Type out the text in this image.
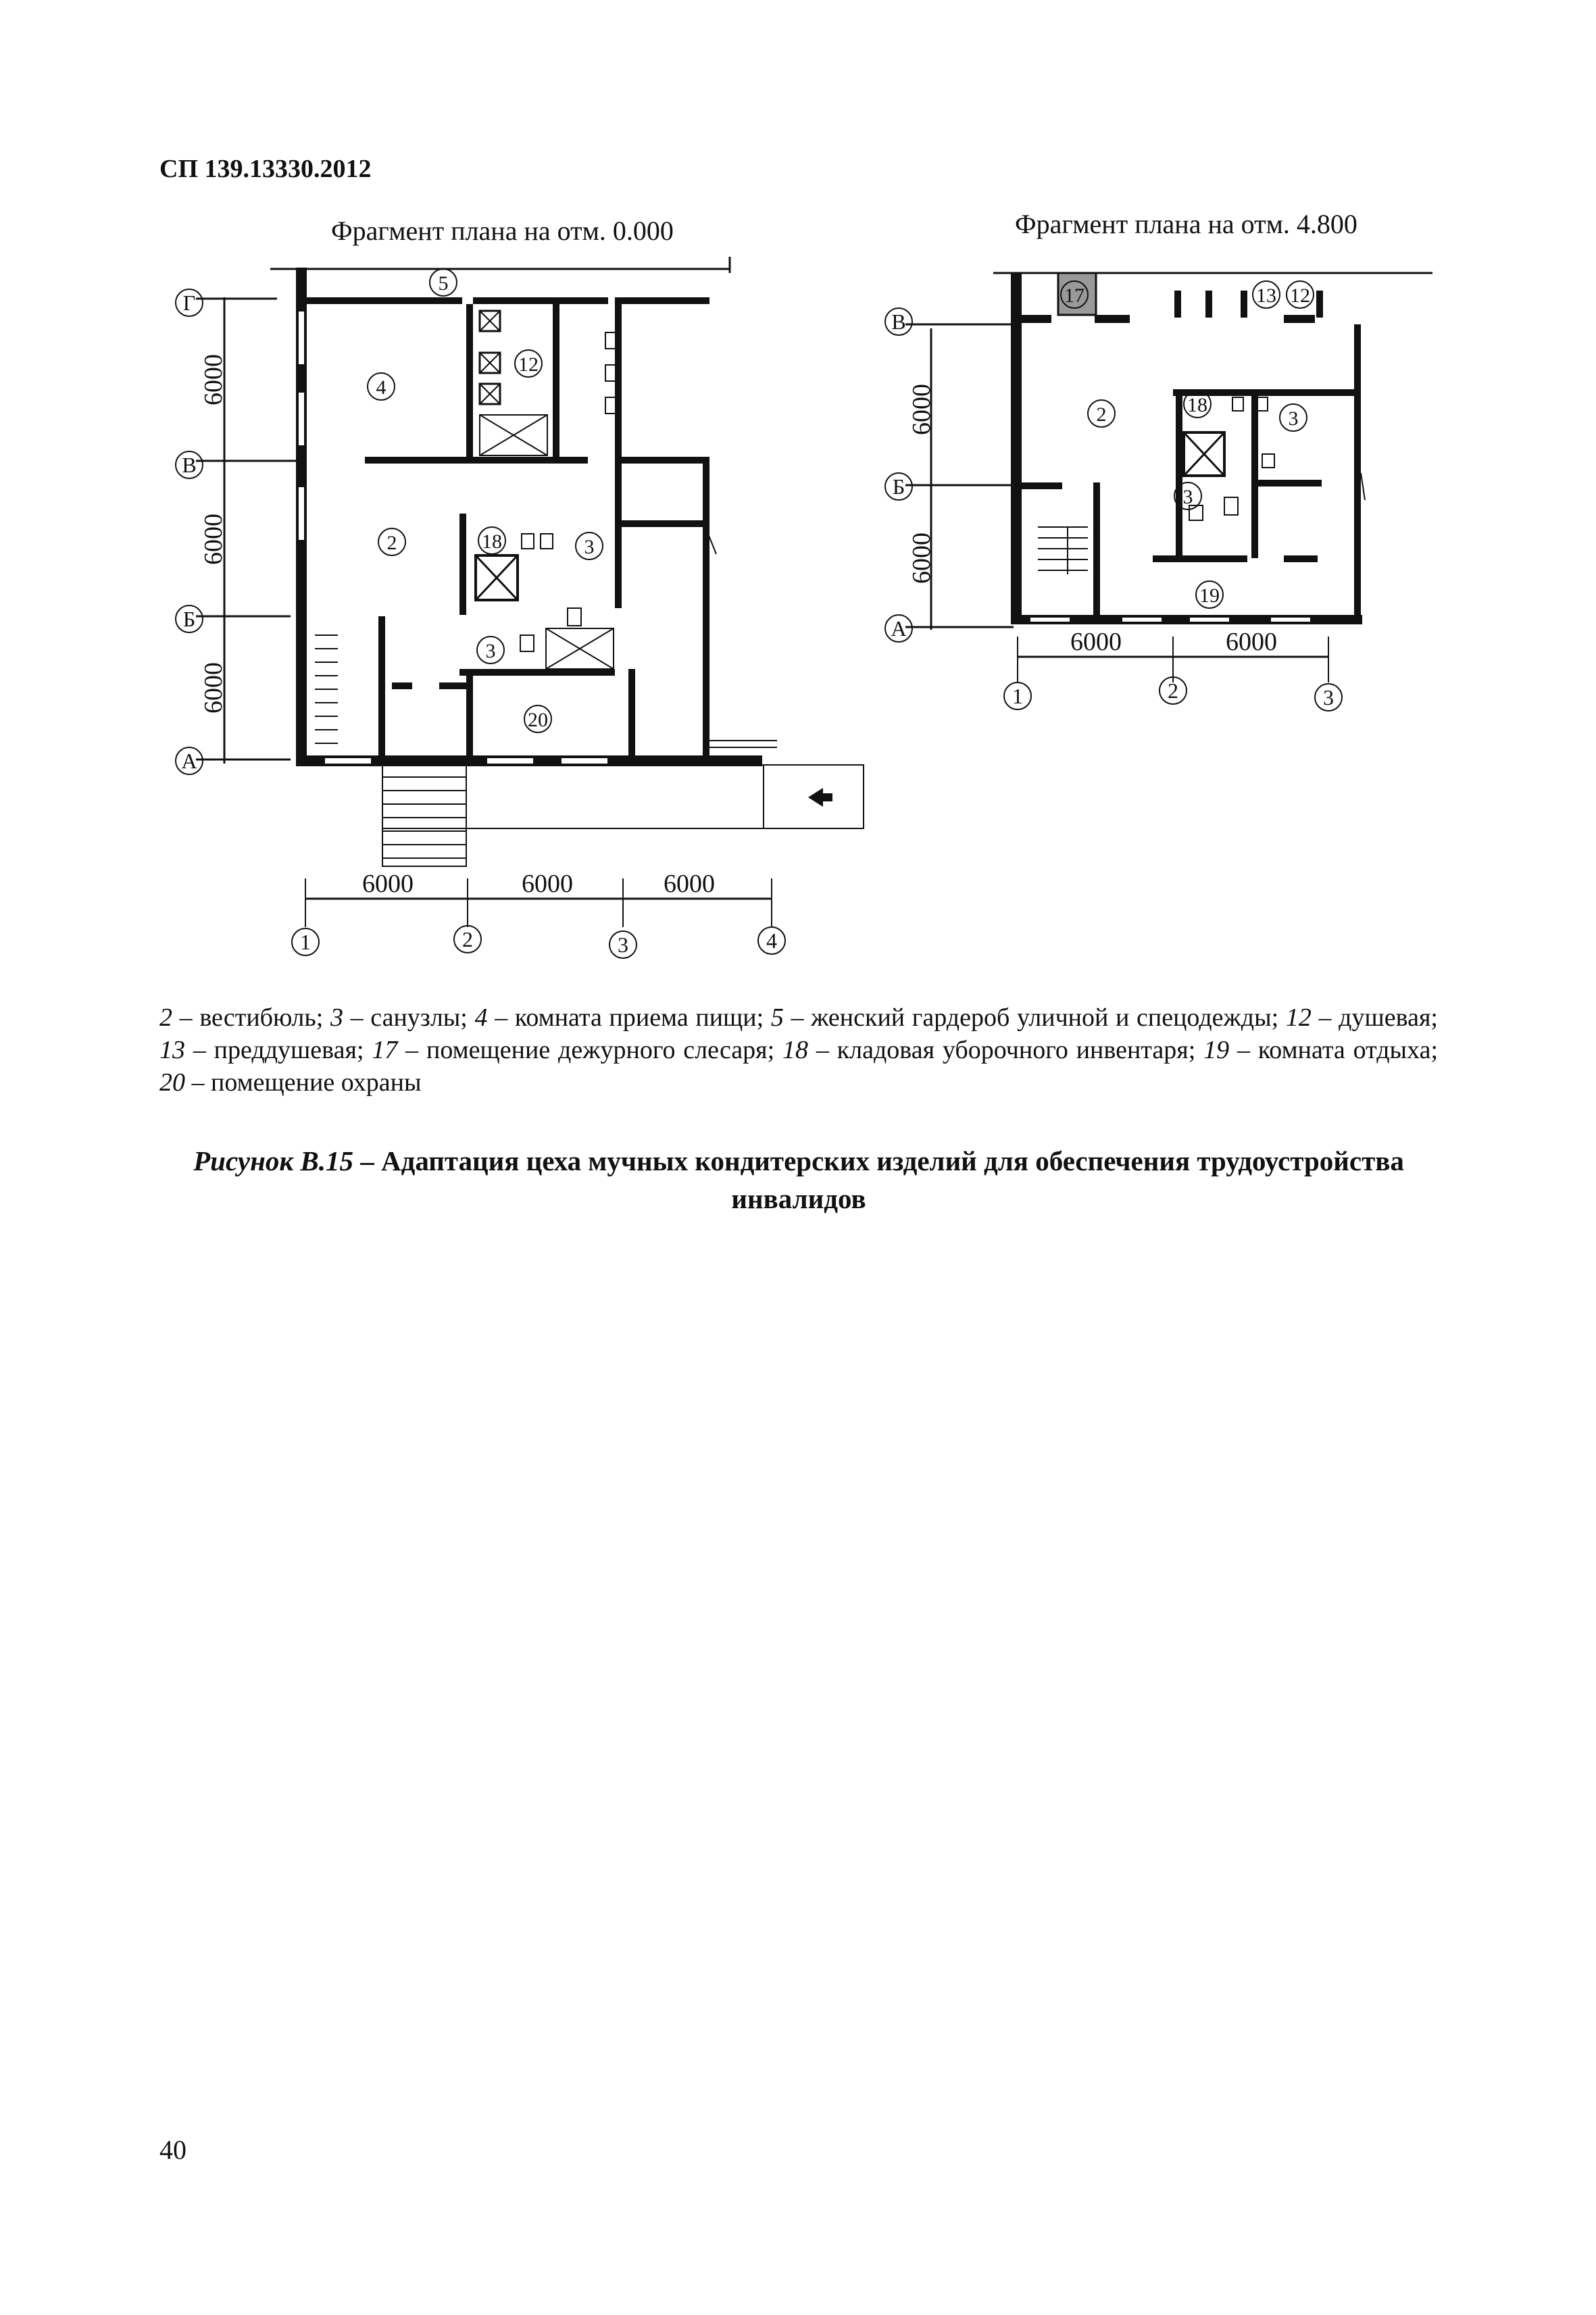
СП 139.13330.2012
Фрагмент плана на отм. 0.000	Фрагмент плана на отм. 4.800
Г
В
Б
А
1	2	3	4
6000
6000
6000
6000	6000	6000
5
12
4
2	18	3
3
20
В
Б
А
1	2	3
6000
6000
6000	6000
17	13 12
2	18
3
3
19
2 – вестибюль; 3 – санузлы; 4 – комната приема пищи; 5 – женский гардероб уличной и спецодежды; 12 – душевая; 13 – преддушевая; 17 – помещение дежурного слесаря; 18 – кладовая уборочного инвентаря; 19 – комната отдыха; 20 – помещение охраны
Рисунок В.15 – Адаптация цеха мучных кондитерских изделий для обеспечения трудоустройства инвалидов
40
